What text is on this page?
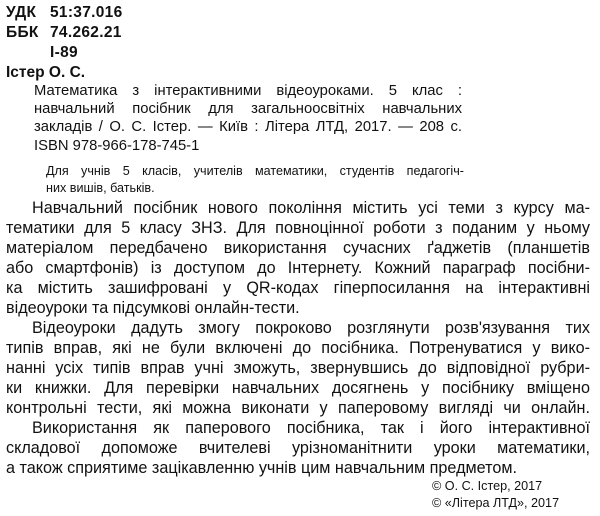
УДК 51:37.016
ББК 74.262.21
І-89
Істер О. С.
Математика з інтерактивними відеоуроками. 5 клас :
навчальний посібник для загальноосвітніх навчальних
закладів / О. С. Істер. — Київ : Літера ЛТД, 2017. — 208 с.
ISBN 978-966-178-745-1
Для учнів 5 класів, учителів математики, студентів педагогіч-
них вишів, батьків.
Навчальний посібник нового покоління містить усі теми з курсу ма-
тематики для 5 класу ЗНЗ. Для повноцінної роботи з поданим у ньому
матеріалом передбачено використання сучасних ґаджетів (планшетів
або смартфонів) із доступом до Інтернету. Кожний параграф посібни-
ка містить зашифровані у QR-кодах гіперпосилання на інтерактивні
відеоуроки та підсумкові онлайн-тести.
Відеоуроки дадуть змогу покроково розглянути розв'язування тих
типів вправ, які не були включені до посібника. Потренуватися у вико-
нанні усіх типів вправ учні зможуть, звернувшись до відповідної рубри-
ки книжки. Для перевірки навчальних досягнень у посібнику вміщено
контрольні тести, які можна виконати у паперовому вигляді чи онлайн.
Використання як паперового посібника, так і його інтерактивної
складової допоможе вчителеві урізноманітнити уроки математики,
а також сприятиме зацікавленню учнів цим навчальним предметом.
© О. С. Істер, 2017
© «Літера ЛТД», 2017
